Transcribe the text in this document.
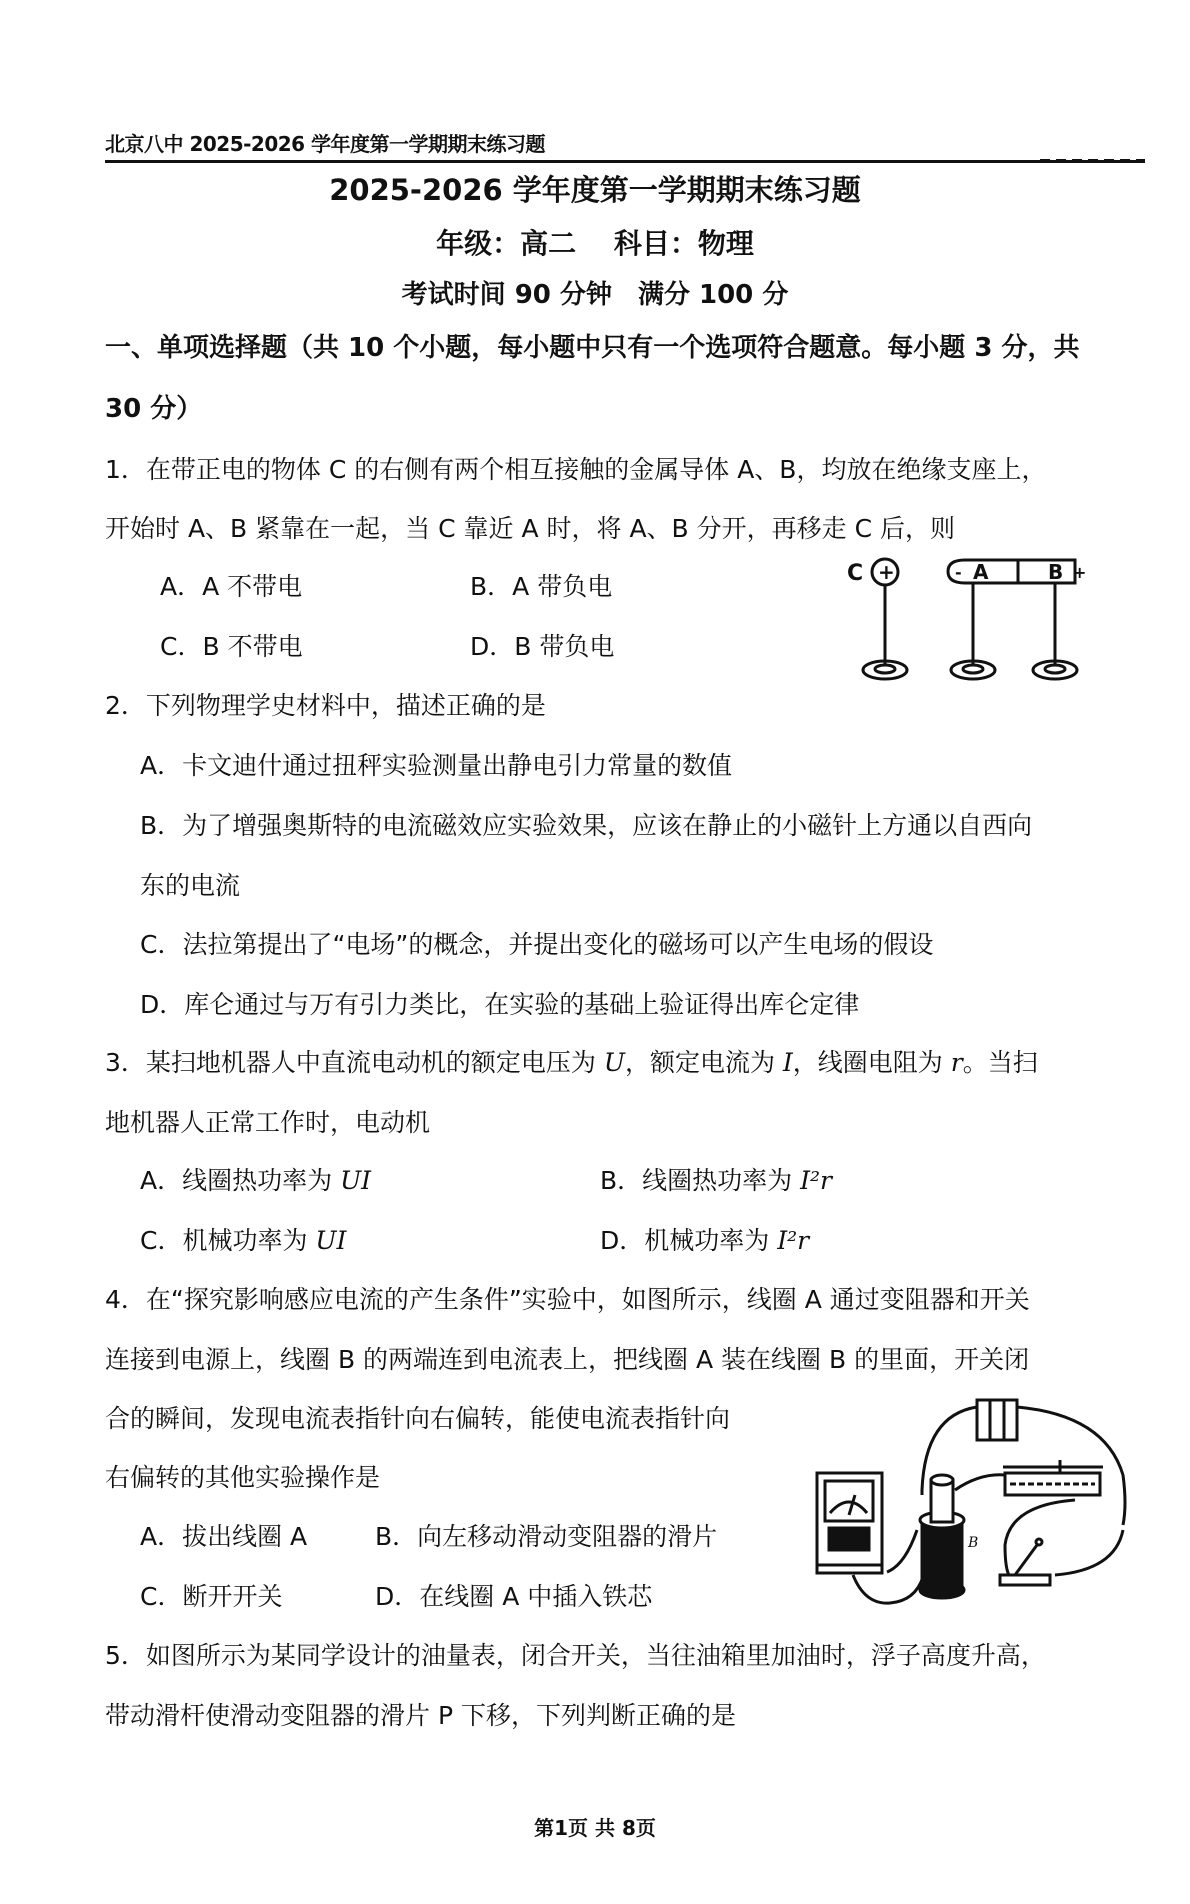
北京八中 2025-2026 学年度第一学期期末练习题
2025-2026 学年度第一学期期末练习题
年级：高二　 科目：物理
考试时间 90 分钟　满分 100 分
一、单项选择题（共 10 个小题，每小题中只有一个选项符合题意。每小题 3 分，共
30 分）
1．在带正电的物体 C 的右侧有两个相互接触的金属导体 A、B，均放在绝缘支座上，
开始时 A、B 紧靠在一起，当 C 靠近 A 时，将 A、B 分开，再移走 C 后，则
A．A 不带电	B．A 带负电
C．B 不带电	D．B 带负电
C +	- A	B +
2．下列物理学史材料中，描述正确的是
A．卡文迪什通过扭秤实验测量出静电引力常量的数值
B．为了增强奥斯特的电流磁效应实验效果，应该在静止的小磁针上方通以自西向
东的电流
C．法拉第提出了“电场”的概念，并提出变化的磁场可以产生电场的假设
D．库仑通过与万有引力类比，在实验的基础上验证得出库仑定律
3．某扫地机器人中直流电动机的额定电压为 U，额定电流为 I，线圈电阻为 r。当扫
地机器人正常工作时，电动机
A．线圈热功率为 UI	B．线圈热功率为 I²r
C．机械功率为 UI	D．机械功率为 I²r
4．在“探究影响感应电流的产生条件”实验中，如图所示，线圈 A 通过变阻器和开关
连接到电源上，线圈 B 的两端连到电流表上，把线圈 A 装在线圈 B 的里面，开关闭
合的瞬间，发现电流表指针向右偏转，能使电流表指针向
右偏转的其他实验操作是
A．拔出线圈 A	B．向左移动滑动变阻器的滑片
C．断开开关	D．在线圈 A 中插入铁芯
B
5．如图所示为某同学设计的油量表，闭合开关，当往油箱里加油时，浮子高度升高，
带动滑杆使滑动变阻器的滑片 P 下移，下列判断正确的是
第1页 共 8页
